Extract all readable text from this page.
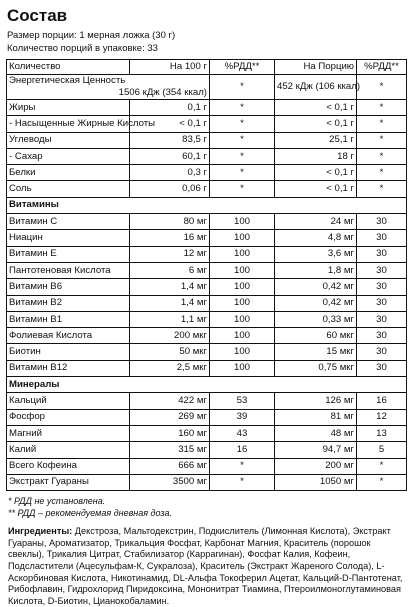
Состав
Размер порции: 1 мерная ложка (30 г)
Количество порций в упаковке: 33
Количество	На 100 г	%РДД**	На Порцию	%РДД**
Энергетическая Ценность
1506 кДж (354 ккал)		*	452 кДж (106 ккал)	*
Жиры	0,1 г	*	< 0,1 г	*
- Насыщенные Жирные Кислоты	< 0,1 г	*	< 0,1 г	*
Углеводы	83,5 г	*	25,1 г	*
- Сахар	60,1 г	*	18 г	*
Белки	0,3 г	*	< 0,1 г	*
Соль	0,06 г	*	< 0,1 г	*
Витамины				
Витамин С	80 мг	100	24 мг	30
Ниацин	16 мг	100	4,8 мг	30
Витамин Е	12 мг	100	3,6 мг	30
Пантотеновая Кислота	6 мг	100	1,8 мг	30
Витамин В6	1,4 мг	100	0,42 мг	30
Витамин В2	1,4 мг	100	0,42 мг	30
Витамин В1	1,1 мг	100	0,33 мг	30
Фолиевая Кислота	200 мкг	100	60 мкг	30
Биотин	50 мкг	100	15 мкг	30
Витамин В12	2,5 мкг	100	0,75 мкг	30
Минералы				
Кальций	422 мг	53	126 мг	16
Фосфор	269 мг	39	81 мг	12
Магний	160 мг	43	48 мг	13
Калий	315 мг	16	94,7 мг	5
Всего Кофеина	666 мг	*	200 мг	*
Экстракт Гуараны	3500 мг	*	1050 мг	*
* РДД не установлена.
** РДД – рекомендуемая дневная доза.
Ингредиенты: Декстроза, Мальтодекстрин, Подкислитель (Лимонная Кислота), Экстракт Гуараны, Ароматизатор, Трикальция Фосфат, Карбонат Магния, Краситель (порошок свеклы), Трикалия Цитрат, Стабилизатор (Каррагинан), Фосфат Калия, Кофеин, Подсластители (Ацесульфам-К, Сукралоза), Краситель (Экстракт Жареного Солода), L-Аскорбиновая Кислота, Никотинамид, DL-Альфа Токоферил Ацетат, Кальций-D-Пантотенат, Рибофлавин, Гидрохлорид Пиридоксина, Мононитрат Тиамина, Птероилмоноглутаминовая Кислота, D-Биотин, Цианокобаламин.
